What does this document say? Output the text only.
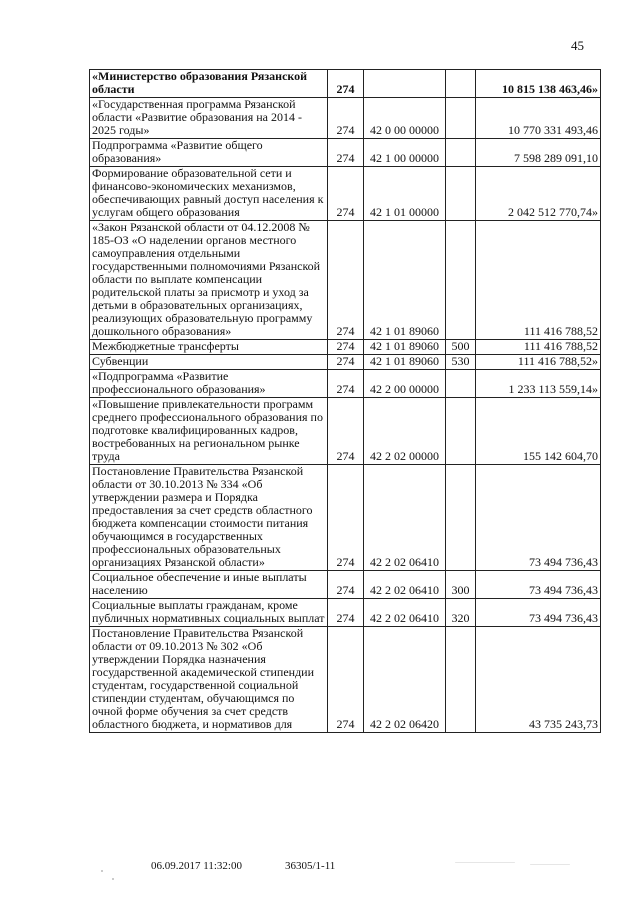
45
«Министерство образования Рязанской области	274			10 815 138 463,46»
«Государственная программа Рязанской области «Развитие образования на 2014 - 2025 годы»	274	42 0 00 00000		10 770 331 493,46
Подпрограмма «Развитие общего образования»	274	42 1 00 00000		7 598 289 091,10
Формирование образовательной сети и финансово-экономических механизмов, обеспечивающих равный доступ населения к услугам общего образования	274	42 1 01 00000		2 042 512 770,74»
«Закон Рязанской области от 04.12.2008 № 185-ОЗ «О наделении органов местного самоуправления отдельными государственными полномочиями Рязанской области по выплате компенсации родительской платы за присмотр и уход за детьми в образовательных организациях, реализующих образовательную программу дошкольного образования»	274	42 1 01 89060		111 416 788,52
Межбюджетные трансферты	274	42 1 01 89060	500	111 416 788,52
Субвенции	274	42 1 01 89060	530	111 416 788,52»
«Подпрограмма «Развитие профессионального образования»	274	42 2 00 00000		1 233 113 559,14»
«Повышение привлекательности программ среднего профессионального образования по подготовке квалифицированных кадров, востребованных на региональном рынке труда	274	42 2 02 00000		155 142 604,70
Постановление Правительства Рязанской области от 30.10.2013 № 334 «Об утверждении размера и Порядка предоставления за счет средств областного бюджета компенсации стоимости питания обучающимся в государственных профессиональных образовательных организациях Рязанской области»	274	42 2 02 06410		73 494 736,43
Социальное обеспечение и иные выплаты населению	274	42 2 02 06410	300	73 494 736,43
Социальные выплаты гражданам, кроме публичных нормативных социальных выплат	274	42 2 02 06410	320	73 494 736,43
Постановление Правительства Рязанской области от 09.10.2013 № 302 «Об утверждении Порядка назначения государственной академической стипендии студентам, государственной социальной стипендии студентам, обучающимся по очной форме обучения за счет средств областного бюджета, и нормативов для	274	42 2 02 06420		43 735 243,73
06.09.2017 11:32:00	36305/1-11
